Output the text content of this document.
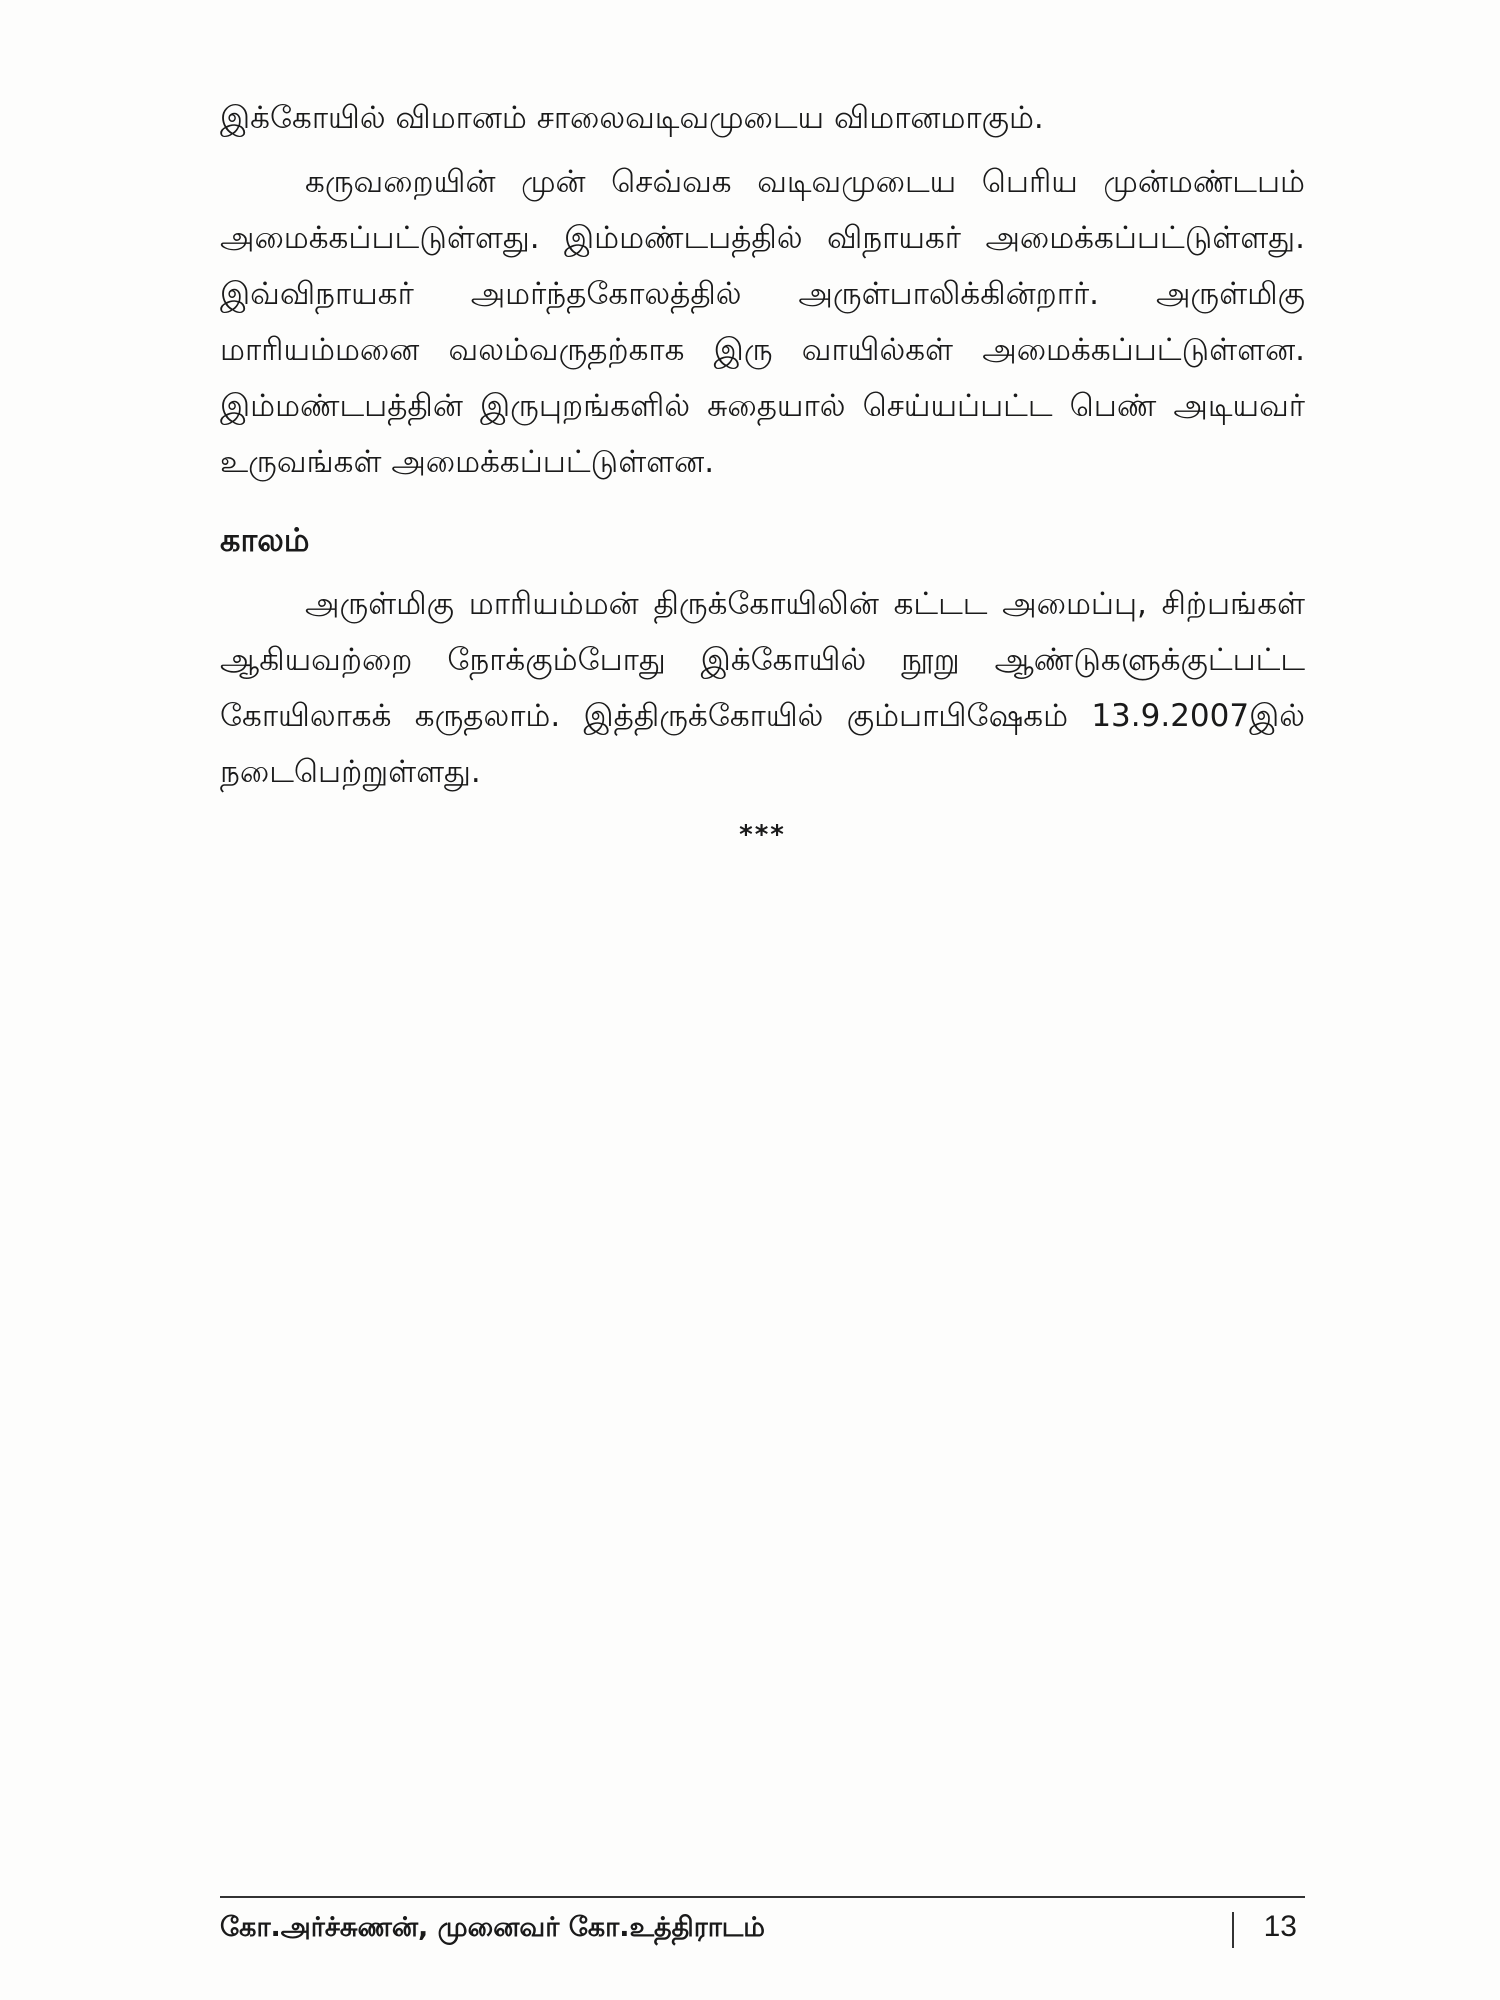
இக்கோயில் விமானம் சாலைவடிவமுடைய விமானமாகும்.

கருவறையின் முன் செவ்வக வடிவமுடைய பெரிய முன்மண்டபம் அமைக்கப்பட்டுள்ளது. இம்மண்டபத்தில் விநாயகர் அமைக்கப்பட்டுள்ளது. இவ்விநாயகர் அமர்ந்தகோலத்தில் அருள்பாலிக்கின்றார். அருள்மிகு மாரியம்மனை வலம்வருதற்காக இரு வாயில்கள் அமைக்கப்பட்டுள்ளன. இம்மண்டபத்தின் இருபுறங்களில் சுதையால் செய்யப்பட்ட பெண் அடியவர் உருவங்கள் அமைக்கப்பட்டுள்ளன.

காலம்

அருள்மிகு மாரியம்மன் திருக்கோயிலின் கட்டட அமைப்பு, சிற்பங்கள் ஆகியவற்றை நோக்கும்போது இக்கோயில் நூறு ஆண்டுகளுக்குட்பட்ட கோயிலாகக் கருதலாம். இத்திருக்கோயில் கும்பாபிஷேகம் 13.9.2007இல் நடைபெற்றுள்ளது.

***
கோ.அர்ச்சுணன், முனைவர் கோ.உத்திராடம்	13
